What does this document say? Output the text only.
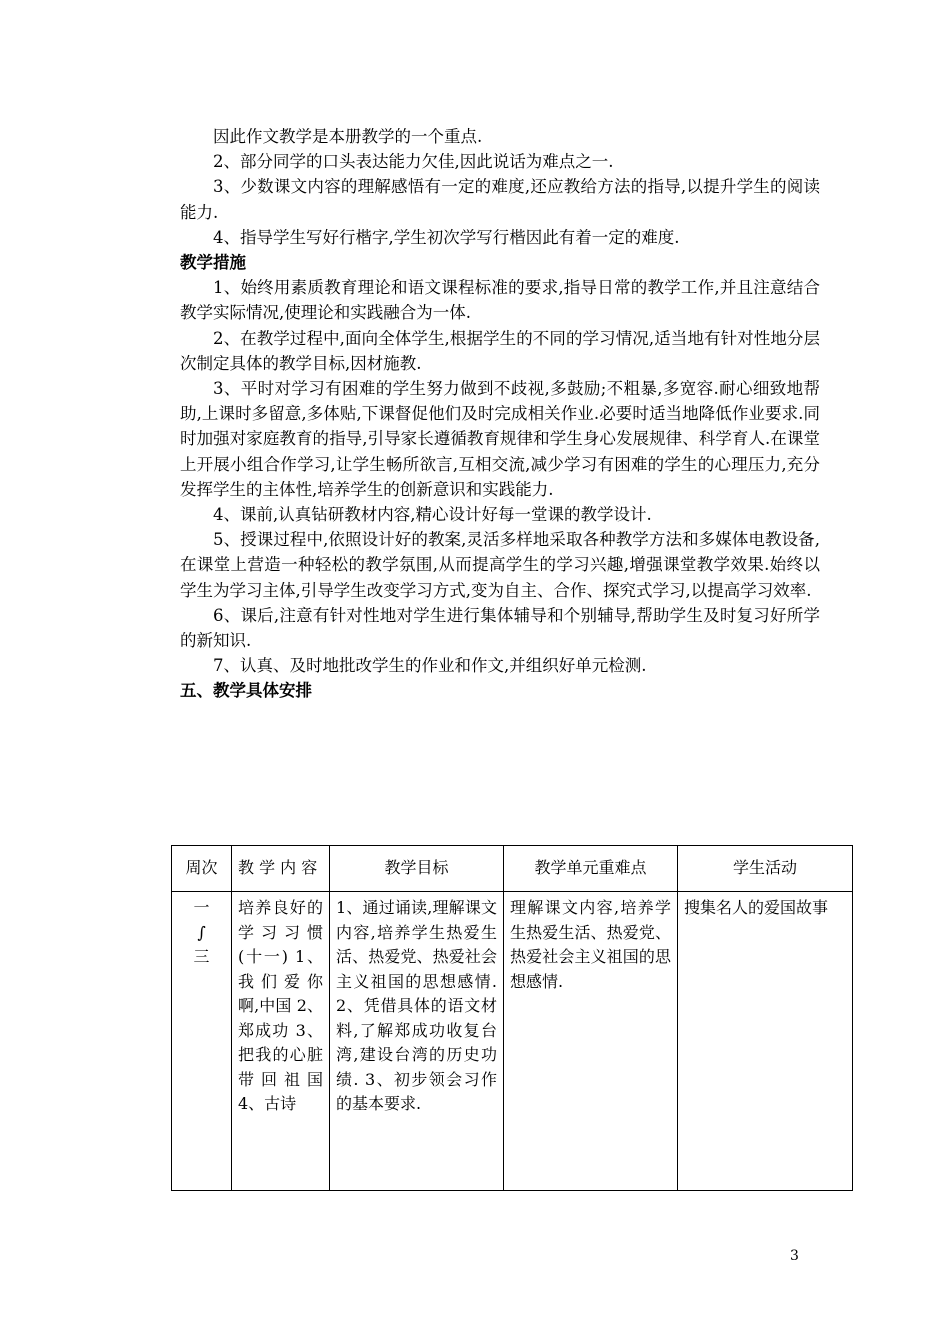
因此作文教学是本册教学的一个重点.

2、部分同学的口头表达能力欠佳,因此说话为难点之一.

3、少数课文内容的理解感悟有一定的难度,还应教给方法的指导,以提升学生的阅读能力.

4、指导学生写好行楷字,学生初次学写行楷因此有着一定的难度.

教学措施

1、始终用素质教育理论和语文课程标准的要求,指导日常的教学工作,并且注意结合教学实际情况,使理论和实践融合为一体.

2、在教学过程中,面向全体学生,根据学生的不同的学习情况,适当地有针对性地分层次制定具体的教学目标,因材施教.

3、平时对学习有困难的学生努力做到不歧视,多鼓励;不粗暴,多宽容.耐心细致地帮助,上课时多留意,多体贴,下课督促他们及时完成相关作业.必要时适当地降低作业要求.同时加强对家庭教育的指导,引导家长遵循教育规律和学生身心发展规律、科学育人.在课堂上开展小组合作学习,让学生畅所欲言,互相交流,减少学习有困难的学生的心理压力,充分发挥学生的主体性,培养学生的创新意识和实践能力.

4、课前,认真钻研教材内容,精心设计好每一堂课的教学设计.

5、授课过程中,依照设计好的教案,灵活多样地采取各种教学方法和多媒体电教设备,在课堂上营造一种轻松的教学氛围,从而提高学生的学习兴趣,增强课堂教学效果.始终以学生为学习主体,引导学生改变学习方式,变为自主、合作、探究式学习,以提高学习效率.

6、课后,注意有针对性地对学生进行集体辅导和个别辅导,帮助学生及时复习好所学的新知识.

7、认真、及时地批改学生的作业和作文,并组织好单元检测.

五、教学具体安排

周次	教 学 内 容	教学目标	教学单元重难点	学生活动

一
∫
三	培养良好的学习习惯(十一) 1、我们爱你啊,中国 2、郑成功 3、把我的心脏带回祖国 4、古诗	1、通过诵读,理解课文内容,培养学生热爱生活、热爱党、热爱社会主义祖国的思想感情. 2、凭借具体的语文材料,了解郑成功收复台湾,建设台湾的历史功绩. 3、初步领会习作的基本要求.	理解课文内容,培养学生热爱生活、热爱党、热爱社会主义祖国的思想感情.	搜集名人的爱国故事
3
